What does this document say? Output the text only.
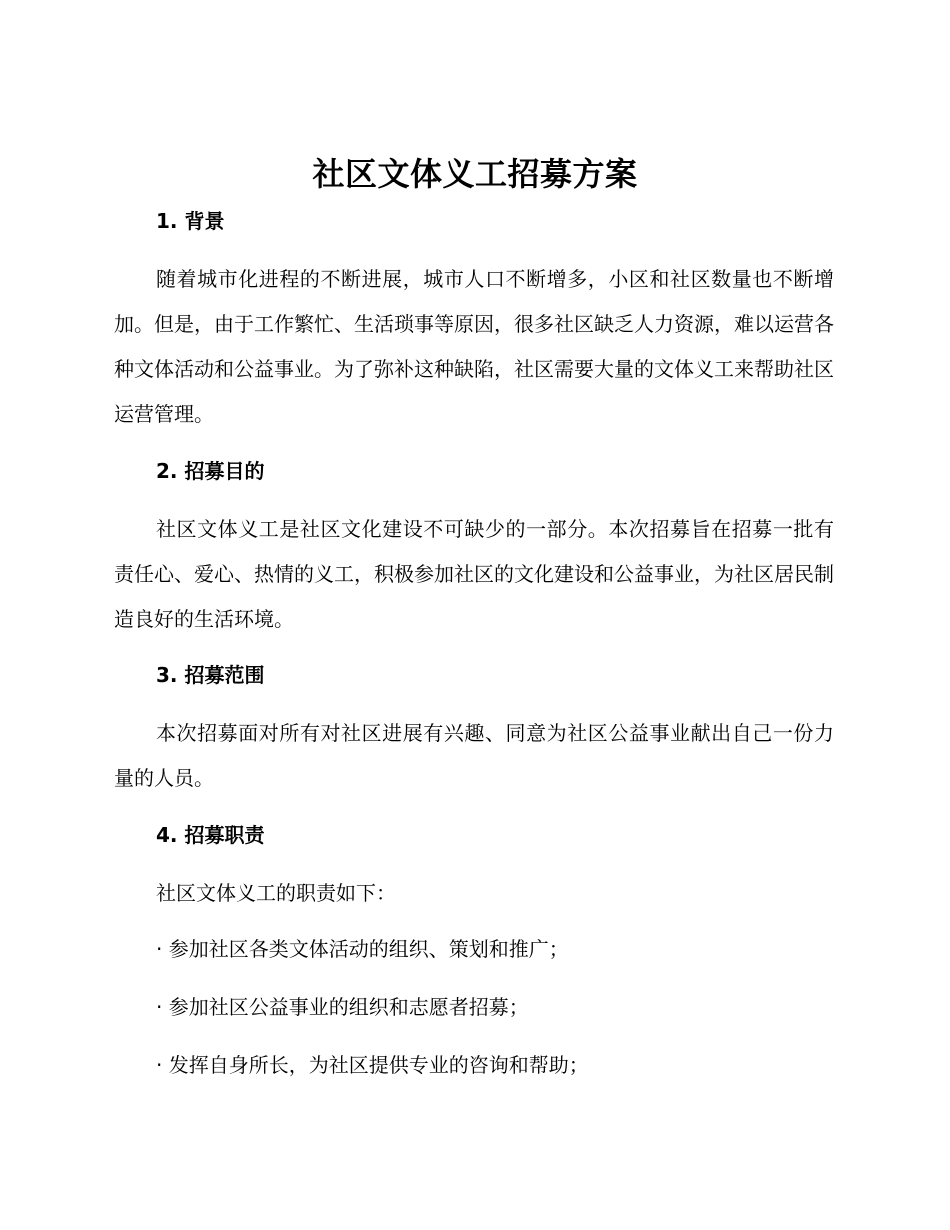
社区文体义工招募方案
1. 背景
随着城市化进程的不断进展，城市人口不断增多，小区和社区数量也不断增加。但是，由于工作繁忙、生活琐事等原因，很多社区缺乏人力资源，难以运营各种文体活动和公益事业。为了弥补这种缺陷，社区需要大量的文体义工来帮助社区运营管理。
2. 招募目的
社区文体义工是社区文化建设不可缺少的一部分。本次招募旨在招募一批有责任心、爱心、热情的义工，积极参加社区的文化建设和公益事业，为社区居民制造良好的生活环境。
3. 招募范围
本次招募面对所有对社区进展有兴趣、同意为社区公益事业献出自己一份力量的人员。
4. 招募职责
社区文体义工的职责如下：
· 参加社区各类文体活动的组织、策划和推广；
· 参加社区公益事业的组织和志愿者招募；
· 发挥自身所长，为社区提供专业的咨询和帮助；
